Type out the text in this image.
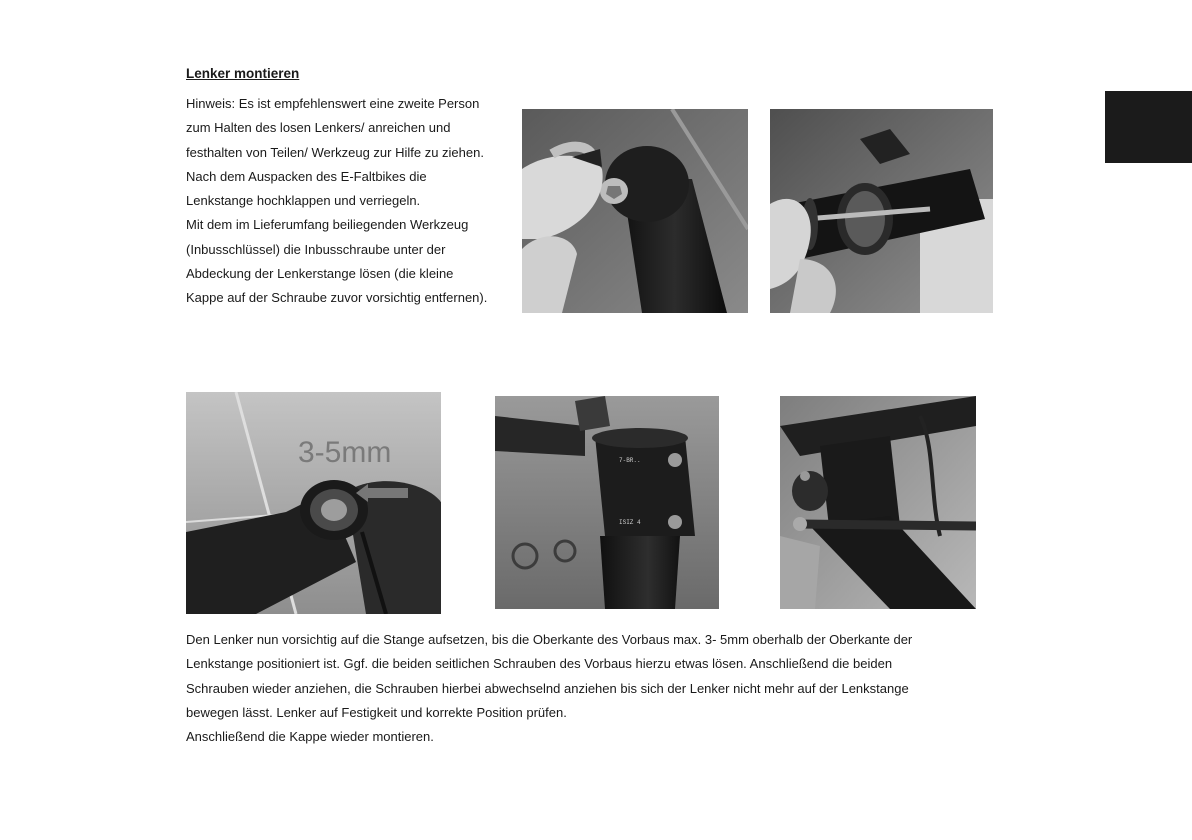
Lenker montieren
Hinweis: Es ist empfehlenswert eine zweite Person
zum Halten des losen Lenkers/ anreichen und
festhalten von Teilen/ Werkzeug zur Hilfe zu ziehen.
Nach dem Auspacken des E-Faltbikes die
Lenkstange hochklappen und verriegeln.
Mit dem im Lieferumfang beiliegenden Werkzeug
(Inbusschlüssel) die Inbusschraube unter der
Abdeckung der Lenkerstange lösen (die kleine
Kappe auf der Schraube zuvor vorsichtig entfernen).
3-5mm	7-BR..
ISIZ 4
Den Lenker nun vorsichtig auf die Stange aufsetzen, bis die Oberkante des Vorbaus max. 3- 5mm oberhalb der Oberkante der
Lenkstange positioniert ist. Ggf. die beiden seitlichen Schrauben des Vorbaus hierzu etwas lösen. Anschließend die beiden
Schrauben wieder anziehen, die Schrauben hierbei abwechselnd anziehen bis sich der Lenker nicht mehr auf der Lenkstange
bewegen lässt. Lenker auf Festigkeit und korrekte Position prüfen.
Anschließend die Kappe wieder montieren.
